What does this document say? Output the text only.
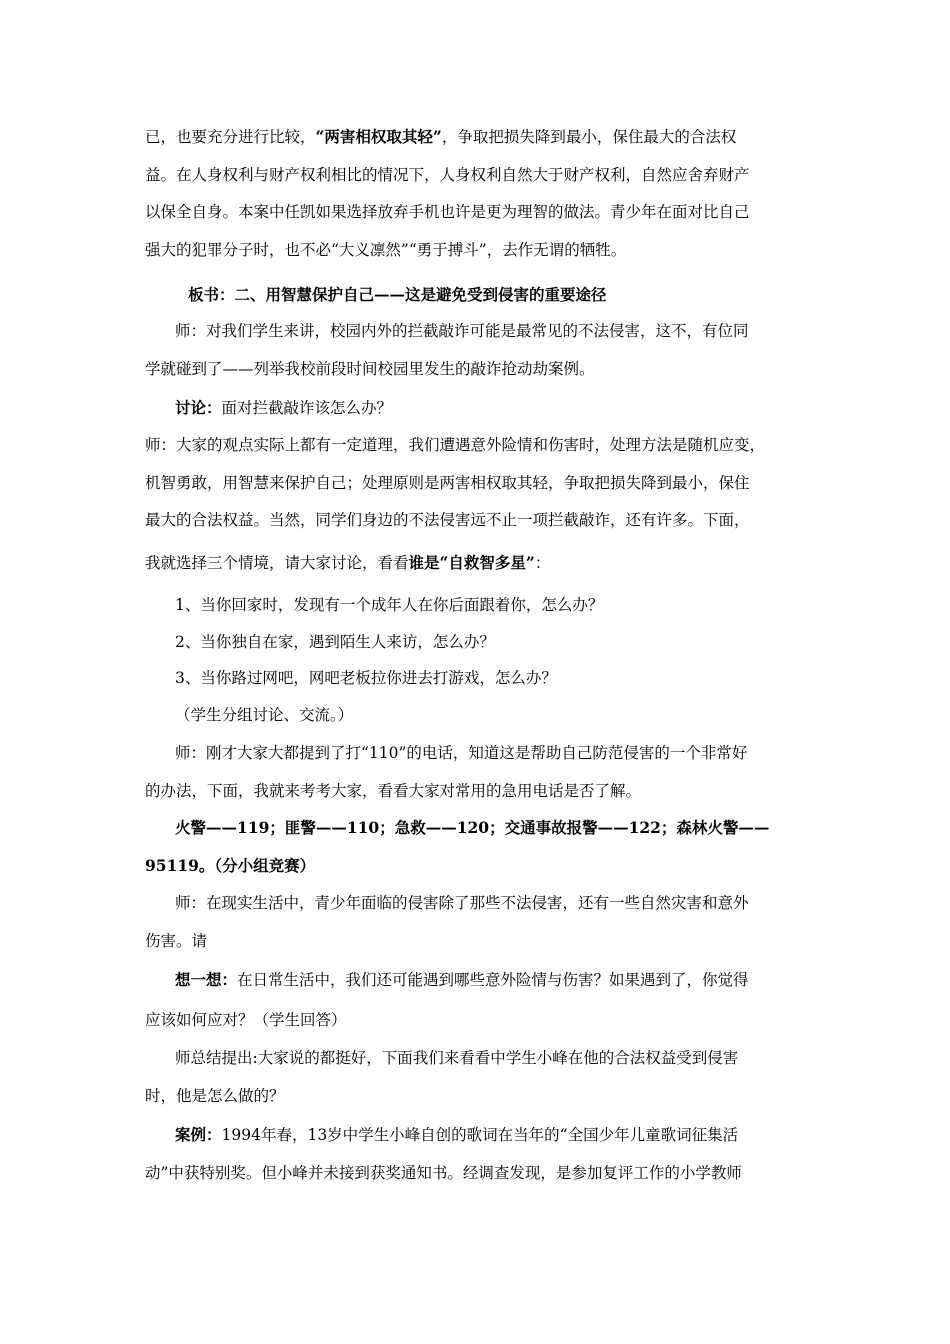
已，也要充分进行比较，“两害相权取其轻”，争取把损失降到最小，保住最大的合法权
益。在人身权利与财产权利相比的情况下，人身权利自然大于财产权利，自然应舍弃财产
以保全自身。本案中任凯如果选择放弃手机也许是更为理智的做法。青少年在面对比自己
强大的犯罪分子时，也不必“大义凛然”“勇于搏斗”，去作无谓的牺牲。
板书：二、用智慧保护自己——这是避免受到侵害的重要途径
师：对我们学生来讲，校园内外的拦截敲诈可能是最常见的不法侵害，这不，有位同
学就碰到了——列举我校前段时间校园里发生的敲诈抢动劫案例。
讨论：面对拦截敲诈该怎么办？
师：大家的观点实际上都有一定道理，我们遭遇意外险情和伤害时，处理方法是随机应变，
机智勇敢，用智慧来保护自己；处理原则是两害相权取其轻，争取把损失降到最小，保住
最大的合法权益。当然，同学们身边的不法侵害远不止一项拦截敲诈，还有许多。下面，
我就选择三个情境，请大家讨论，看看谁是“自救智多星”：
1、当你回家时，发现有一个成年人在你后面跟着你，怎么办？
2、当你独自在家，遇到陌生人来访，怎么办？
3、当你路过网吧，网吧老板拉你进去打游戏，怎么办？
（学生分组讨论、交流。）
师：刚才大家大都提到了打“110”的电话，知道这是帮助自己防范侵害的一个非常好
的办法，下面，我就来考考大家，看看大家对常用的急用电话是否了解。
火警——119；匪警——110；急救——120；交通事故报警——122；森林火警——
95119。（分小组竞赛）
师：在现实生活中，青少年面临的侵害除了那些不法侵害，还有一些自然灾害和意外
伤害。请
想一想：在日常生活中，我们还可能遇到哪些意外险情与伤害？如果遇到了，你觉得
应该如何应对？（学生回答）
师总结提出:大家说的都挺好，下面我们来看看中学生小峰在他的合法权益受到侵害
时，他是怎么做的？
案例：1994年春，13岁中学生小峰自创的歌词在当年的“全国少年儿童歌词征集活
动”中获特别奖。但小峰并未接到获奖通知书。经调查发现，是参加复评工作的小学教师
